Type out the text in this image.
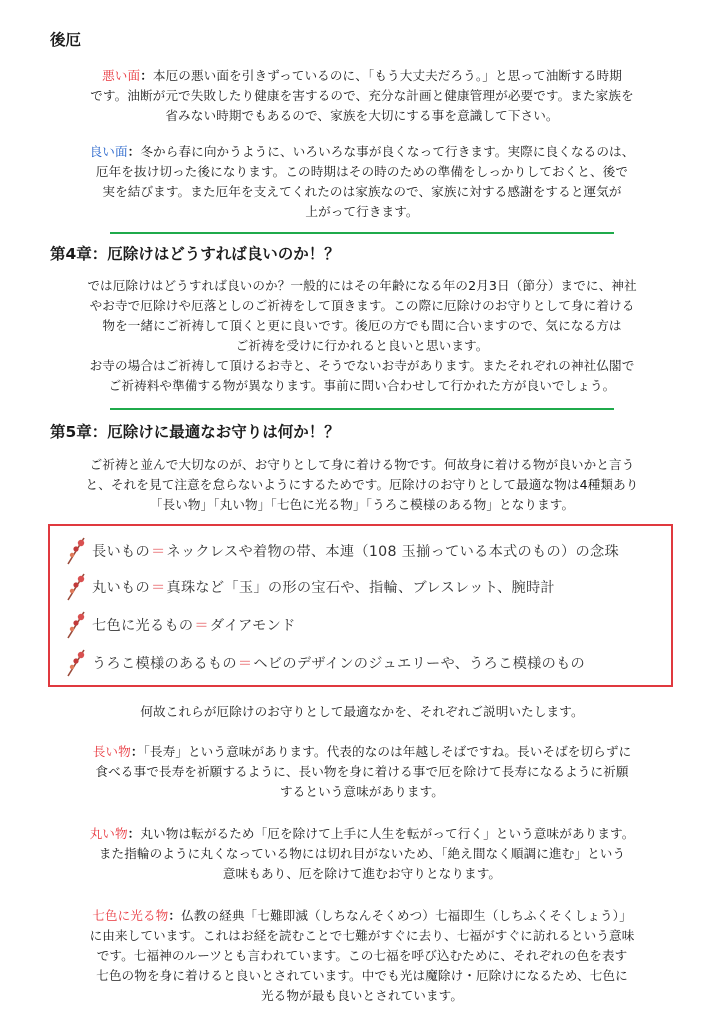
後厄

悪い面：本厄の悪い面を引きずっているのに、「もう大丈夫だろう。」と思って油断する時期
です。油断が元で失敗したり健康を害するので、充分な計画と健康管理が必要です。また家族を
省みない時期でもあるので、家族を大切にする事を意識して下さい。

良い面：冬から春に向かうように、いろいろな事が良くなって行きます。実際に良くなるのは、
厄年を抜け切った後になります。この時期はその時のための準備をしっかりしておくと、後で
実を結びます。また厄年を支えてくれたのは家族なので、家族に対する感謝をすると運気が
上がって行きます。

第4章：厄除けはどうすれば良いのか！？

では厄除けはどうすれば良いのか？一般的にはその年齢になる年の2月3日（節分）までに、神社
やお寺で厄除けや厄落としのご祈祷をして頂きます。この際に厄除けのお守りとして身に着ける
物を一緒にご祈祷して頂くと更に良いです。後厄の方でも間に合いますので、気になる方は
ご祈祷を受けに行かれると良いと思います。
お寺の場合はご祈祷して頂けるお寺と、そうでないお寺があります。またそれぞれの神社仏閣で
ご祈祷料や準備する物が異なります。事前に問い合わせして行かれた方が良いでしょう。

第5章：厄除けに最適なお守りは何か！？

ご祈祷と並んで大切なのが、お守りとして身に着ける物です。何故身に着ける物が良いかと言う
と、それを見て注意を怠らないようにするためです。厄除けのお守りとして最適な物は4種類あり
「長い物」「丸い物」「七色に光る物」「うろこ模様のある物」となります。

長いもの ＝ ネックレスや着物の帯、本連（108 玉揃っている本式のもの）の念珠
丸いもの ＝ 真珠など「玉」の形の宝石や、指輪、ブレスレット、腕時計
七色に光るもの ＝ ダイアモンド
うろこ模様のあるもの ＝ ヘビのデザインのジュエリーや、うろこ模様のもの

何故これらが厄除けのお守りとして最適なかを、それぞれご説明いたします。

長い物：「長寿」という意味があります。代表的なのは年越しそばですね。長いそばを切らずに
食べる事で長寿を祈願するように、長い物を身に着ける事で厄を除けて長寿になるように祈願
するという意味があります。

丸い物：丸い物は転がるため「厄を除けて上手に人生を転がって行く」という意味があります。
また指輪のように丸くなっている物には切れ目がないため、「絶え間なく順調に進む」という
意味もあり、厄を除けて進むお守りとなります。

七色に光る物：仏教の経典「七難即滅（しちなんそくめつ）七福即生（しちふくそくしょう）」
に由来しています。これはお経を読むことで七難がすぐに去り、七福がすぐに訪れるという意味
です。七福神のルーツとも言われています。この七福を呼び込むために、それぞれの色を表す
七色の物を身に着けると良いとされています。中でも光は魔除け・厄除けになるため、七色に
光る物が最も良いとされています。
